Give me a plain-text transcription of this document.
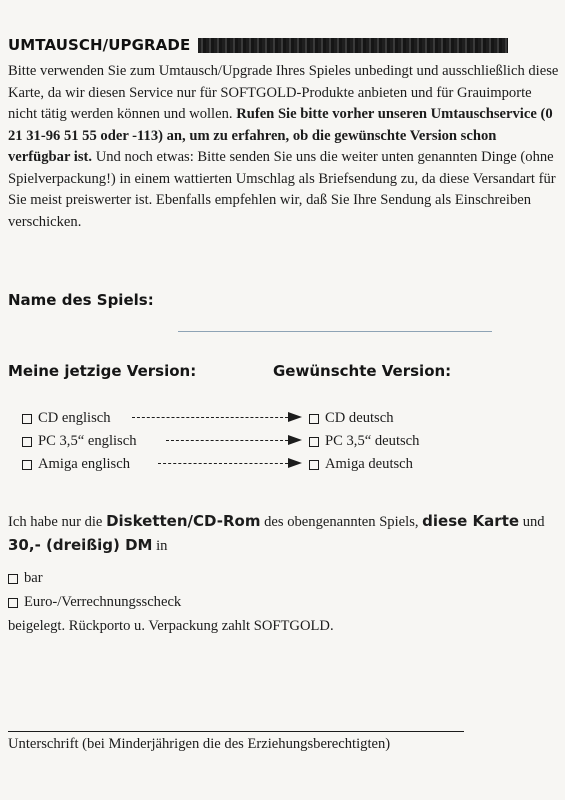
UMTAUSCH/UPGRADE

Bitte verwenden Sie zum Umtausch/Upgrade Ihres Spieles unbedingt und ausschließlich diese Karte, da wir diesen Service nur für SOFTGOLD-Produkte anbieten und für Grauimporte nicht tätig werden können und wollen. Rufen Sie bitte vorher unseren Umtauschservice (0 21 31-96 51 55 oder -113) an, um zu erfahren, ob die gewünschte Version schon verfügbar ist. Und noch etwas: Bitte senden Sie uns die weiter unten genannten Dinge (ohne Spielverpackung!) in einem wattierten Umschlag als Briefsendung zu, da diese Versandart für Sie meist preiswerter ist. Ebenfalls empfehlen wir, daß Sie Ihre Sendung als Einschreiben verschicken.

Name des Spiels:
Meine jetzige Version:	Gewünschte Version:
CD englisch	CD deutsch
PC 3,5“ englisch	PC 3,5“ deutsch
Amiga englisch	Amiga deutsch

Ich habe nur die Disketten/CD-Rom des obengenannten Spiels, diese Karte und 30,- (dreißig) DM in

bar
Euro-/Verrechnungsscheck
beigelegt. Rückporto u. Verpackung zahlt SOFTGOLD.
Unterschrift (bei Minderjährigen die des Erziehungsberechtigten)
